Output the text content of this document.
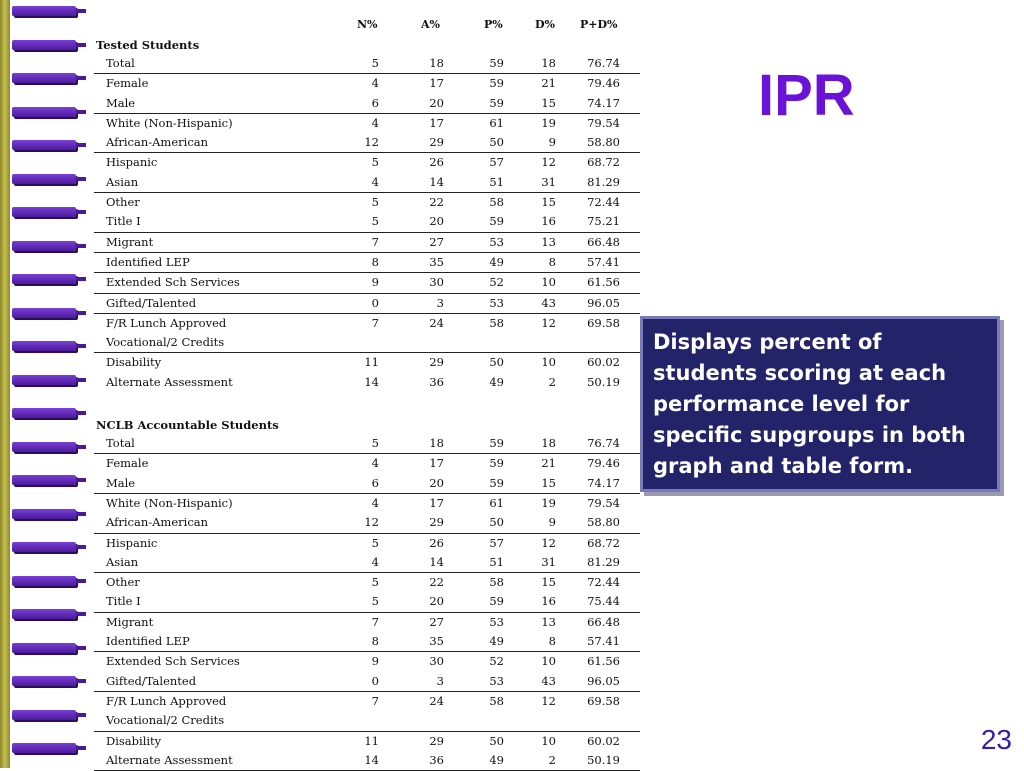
N%	A%	P%	D% P+D%
Tested Students
Total	5	18	59	18	76.74
Female	4	17	59	21	79.46
Male	6	20	59	15	74.17
White (Non-Hispanic)	4	17	61	19	79.54
African-American	12	29	50	9	58.80
Hispanic	5	26	57	12	68.72
Asian	4	14	51	31	81.29
Other	5	22	58	15	72.44
Title I	5	20	59	16	75.21
Migrant	7	27	53	13	66.48
Identified LEP	8	35	49	8	57.41
Extended Sch Services	9	30	52	10	61.56
Gifted/Talented	0	3	53	43	96.05
F/R Lunch Approved	7	24	58	12	69.58
Vocational/2 Credits
Disability	11	29	50	10	60.02
Alternate Assessment	14	36	49	2	50.19
NCLB Accountable Students
Total	5	18	59	18	76.74
Female	4	17	59	21	79.46
Male	6	20	59	15	74.17
White (Non-Hispanic)	4	17	61	19	79.54
African-American	12	29	50	9	58.80
Hispanic	5	26	57	12	68.72
Asian	4	14	51	31	81.29
Other	5	22	58	15	72.44
Title I	5	20	59	16	75.44
Migrant	7	27	53	13	66.48
Identified LEP	8	35	49	8	57.41
Extended Sch Services	9	30	52	10	61.56
Gifted/Talented	0	3	53	43	96.05
F/R Lunch Approved	7	24	58	12	69.58
Vocational/2 Credits
Disability	11	29	50	10	60.02
Alternate Assessment	14	36	49	2	50.19
IPR
Displays percent of students scoring at each performance level for specific supgroups in both graph and table form.
23
